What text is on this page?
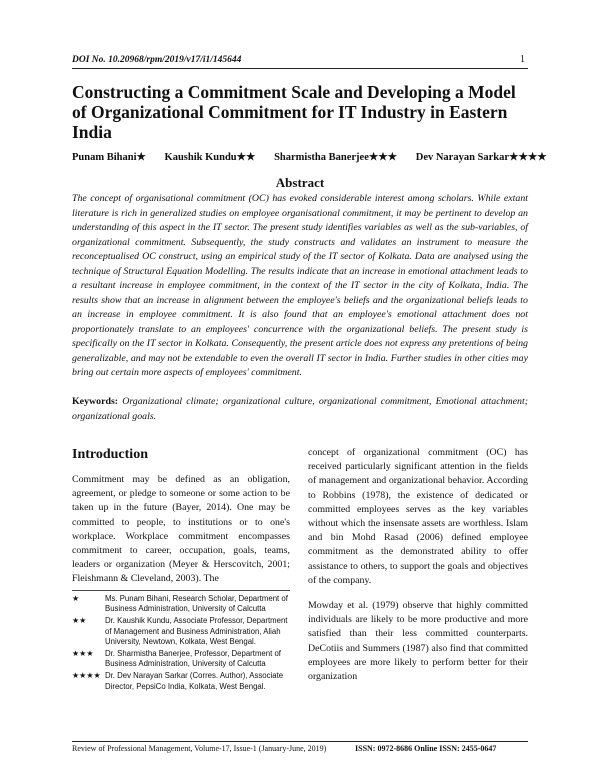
DOI No. 10.20968/rpm/2019/v17/i1/145644	1
Constructing a Commitment Scale and Developing a Model of Organizational Commitment for IT Industry in Eastern India
Punam Bihani★ Kaushik Kundu★★ Sharmistha Banerjee★★★ Dev Narayan Sarkar★★★★
Abstract

The concept of organisational commitment (OC) has evoked considerable interest among scholars. While extant literature is rich in generalized studies on employee organisational commitment, it may be pertinent to develop an understanding of this aspect in the IT sector. The present study identifies variables as well as the sub-variables, of organizational commitment. Subsequently, the study constructs and validates an instrument to measure the reconceptualised OC construct, using an empirical study of the IT sector of Kolkata. Data are analysed using the technique of Structural Equation Modelling. The results indicate that an increase in emotional attachment leads to a resultant increase in employee commitment, in the context of the IT sector in the city of Kolkata, India. The results show that an increase in alignment between the employee's beliefs and the organizational beliefs leads to an increase in employee commitment. It is also found that an employee's emotional attachment does not proportionately translate to an employees' concurrence with the organizational beliefs. The present study is specifically on the IT sector in Kolkata. Consequently, the present article does not express any pretentions of being generalizable, and may not be extendable to even the overall IT sector in India. Further studies in other cities may bring out certain more aspects of employees' commitment.

Keywords: Organizational climate; organizational culture, organizational commitment, Emotional attachment; organizational goals.

Introduction

Commitment may be defined as an obligation, agreement, or pledge to someone or some action to be taken up in the future (Bayer, 2014). One may be committed to people, to institutions or to one's workplace. Workplace commitment encompasses commitment to career, occupation, goals, teams, leaders or organization (Meyer & Herscovitch, 2001; Fleishmann & Cleveland, 2003). The

concept of organizational commitment (OC) has received particularly significant attention in the fields of management and organizational behavior. According to Robbins (1978), the existence of dedicated or committed employees serves as the key variables without which the insensate assets are worthless. Islam and bin Mohd Rasad (2006) defined employee commitment as the demonstrated ability to offer assistance to others, to support the goals and objectives of the company.

Mowday et al. (1979) observe that highly committed individuals are likely to be more productive and more satisfied than their less committed counterparts. DeCotiis and Summers (1987) also find that committed employees are more likely to perform better for their organization

★	Ms. Punam Bihani, Research Scholar, Department of Business Administration, University of Calcutta
★★ Dr. Kaushik Kundu, Associate Professor, Department of Management and Business Administration, Aliah University, Newtown, Kolkata, West Bengal.
★★★ Dr. Sharmistha Banerjee, Professor, Department of Business Administration, University of Calcutta
★★★★ Dr. Dev Narayan Sarkar (Corres. Author), Associate Director, PepsiCo India, Kolkata, West Bengal.
Review of Professional Management, Volume-17, Issue-1 (January-June, 2019)	ISSN: 0972-8686 Online ISSN: 2455-0647
